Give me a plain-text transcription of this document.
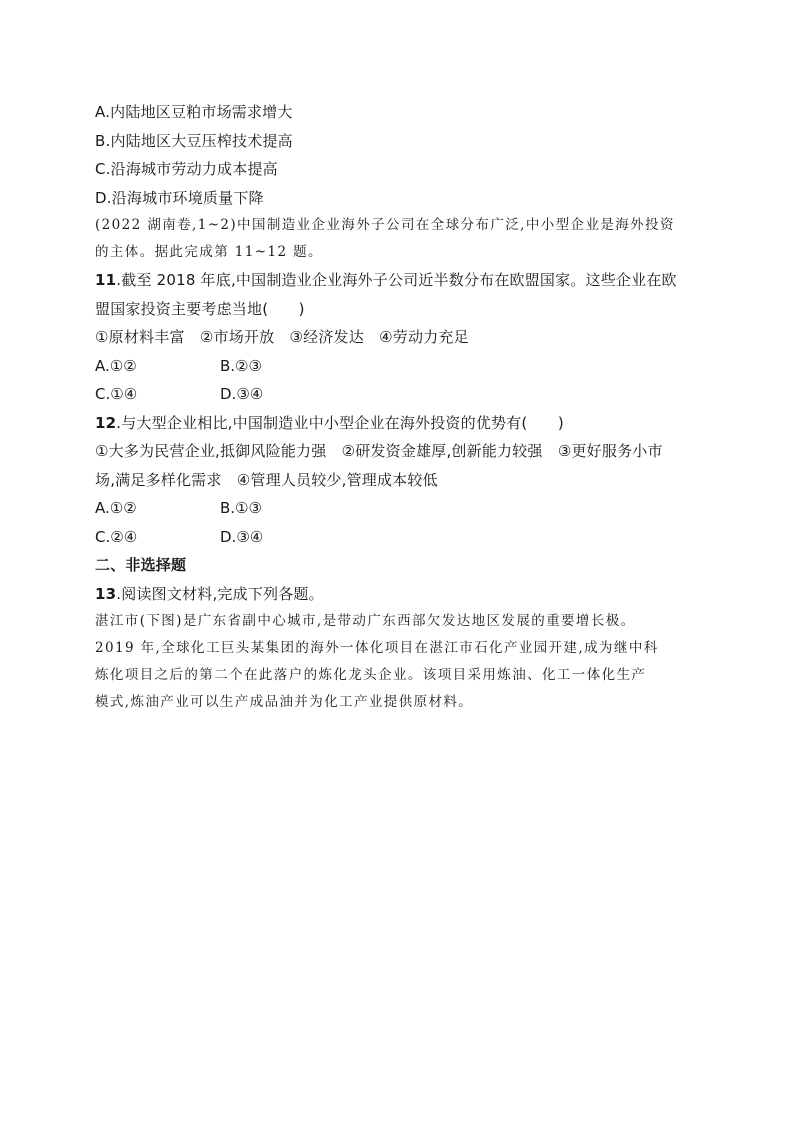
A.内陆地区豆粕市场需求增大
B.内陆地区大豆压榨技术提高
C.沿海城市劳动力成本提高
D.沿海城市环境质量下降
(2022 湖南卷,1~2)中国制造业企业海外子公司在全球分布广泛,中小型企业是海外投资
的主体。据此完成第 11~12 题。
11.截至 2018 年底,中国制造业企业海外子公司近半数分布在欧盟国家。这些企业在欧
盟国家投资主要考虑当地(　　)
①原材料丰富　②市场开放　③经济发达　④劳动力充足
A.①②	B.②③
C.①④	D.③④
12.与大型企业相比,中国制造业中小型企业在海外投资的优势有(　　)
①大多为民营企业,抵御风险能力强　②研发资金雄厚,创新能力较强　③更好服务小市
场,满足多样化需求　④管理人员较少,管理成本较低
A.①②	B.①③
C.②④	D.③④
二、非选择题
13.阅读图文材料,完成下列各题。
湛江市(下图)是广东省副中心城市,是带动广东西部欠发达地区发展的重要增长极。
2019 年,全球化工巨头某集团的海外一体化项目在湛江市石化产业园开建,成为继中科
炼化项目之后的第二个在此落户的炼化龙头企业。该项目采用炼油、化工一体化生产
模式,炼油产业可以生产成品油并为化工产业提供原材料。
